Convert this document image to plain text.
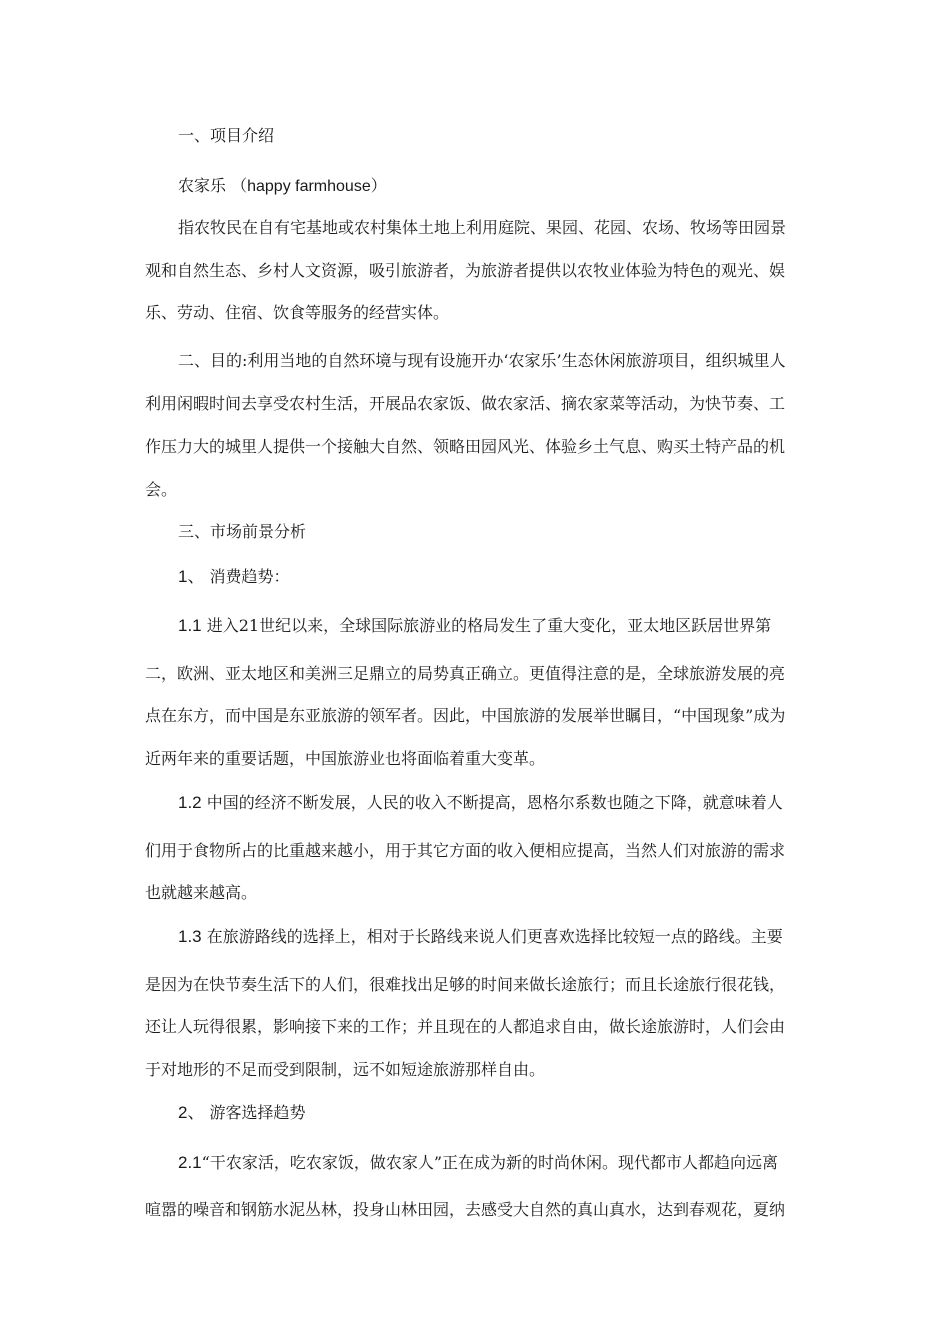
一、项目介绍

农家乐 （happy farmhouse）

指农牧民在自有宅基地或农村集体土地上利用庭院、果园、花园、农场、牧场等田园景

观和自然生态、乡村人文资源，吸引旅游者，为旅游者提供以农牧业体验为特色的观光、娱

乐、劳动、住宿、饮食等服务的经营实体。

二、目的:利用当地的自然环境与现有设施开办‘农家乐’生态休闲旅游项目，组织城里人

利用闲暇时间去享受农村生活，开展品农家饭、做农家活、摘农家菜等活动，为快节奏、工

作压力大的城里人提供一个接触大自然、领略田园风光、体验乡土气息、购买土特产品的机

会。

三、市场前景分析

1、 消费趋势：

1.1 进入21世纪以来，全球国际旅游业的格局发生了重大变化，亚太地区跃居世界第

二，欧洲、亚太地区和美洲三足鼎立的局势真正确立。更值得注意的是，全球旅游发展的亮

点在东方，而中国是东亚旅游的领军者。因此，中国旅游的发展举世瞩目，“中国现象”成为

近两年来的重要话题，中国旅游业也将面临着重大变革。

1.2 中国的经济不断发展，人民的收入不断提高，恩格尔系数也随之下降，就意味着人

们用于食物所占的比重越来越小，用于其它方面的收入便相应提高，当然人们对旅游的需求

也就越来越高。

1.3 在旅游路线的选择上，相对于长路线来说人们更喜欢选择比较短一点的路线。主要

是因为在快节奏生活下的人们，很难找出足够的时间来做长途旅行；而且长途旅行很花钱，

还让人玩得很累，影响接下来的工作；并且现在的人都追求自由，做长途旅游时，人们会由

于对地形的不足而受到限制，远不如短途旅游那样自由。

2、 游客选择趋势

2.1“干农家活，吃农家饭，做农家人”正在成为新的时尚休闲。现代都市人都趋向远离

喧嚣的噪音和钢筋水泥丛林，投身山林田园，去感受大自然的真山真水，达到春观花，夏纳
